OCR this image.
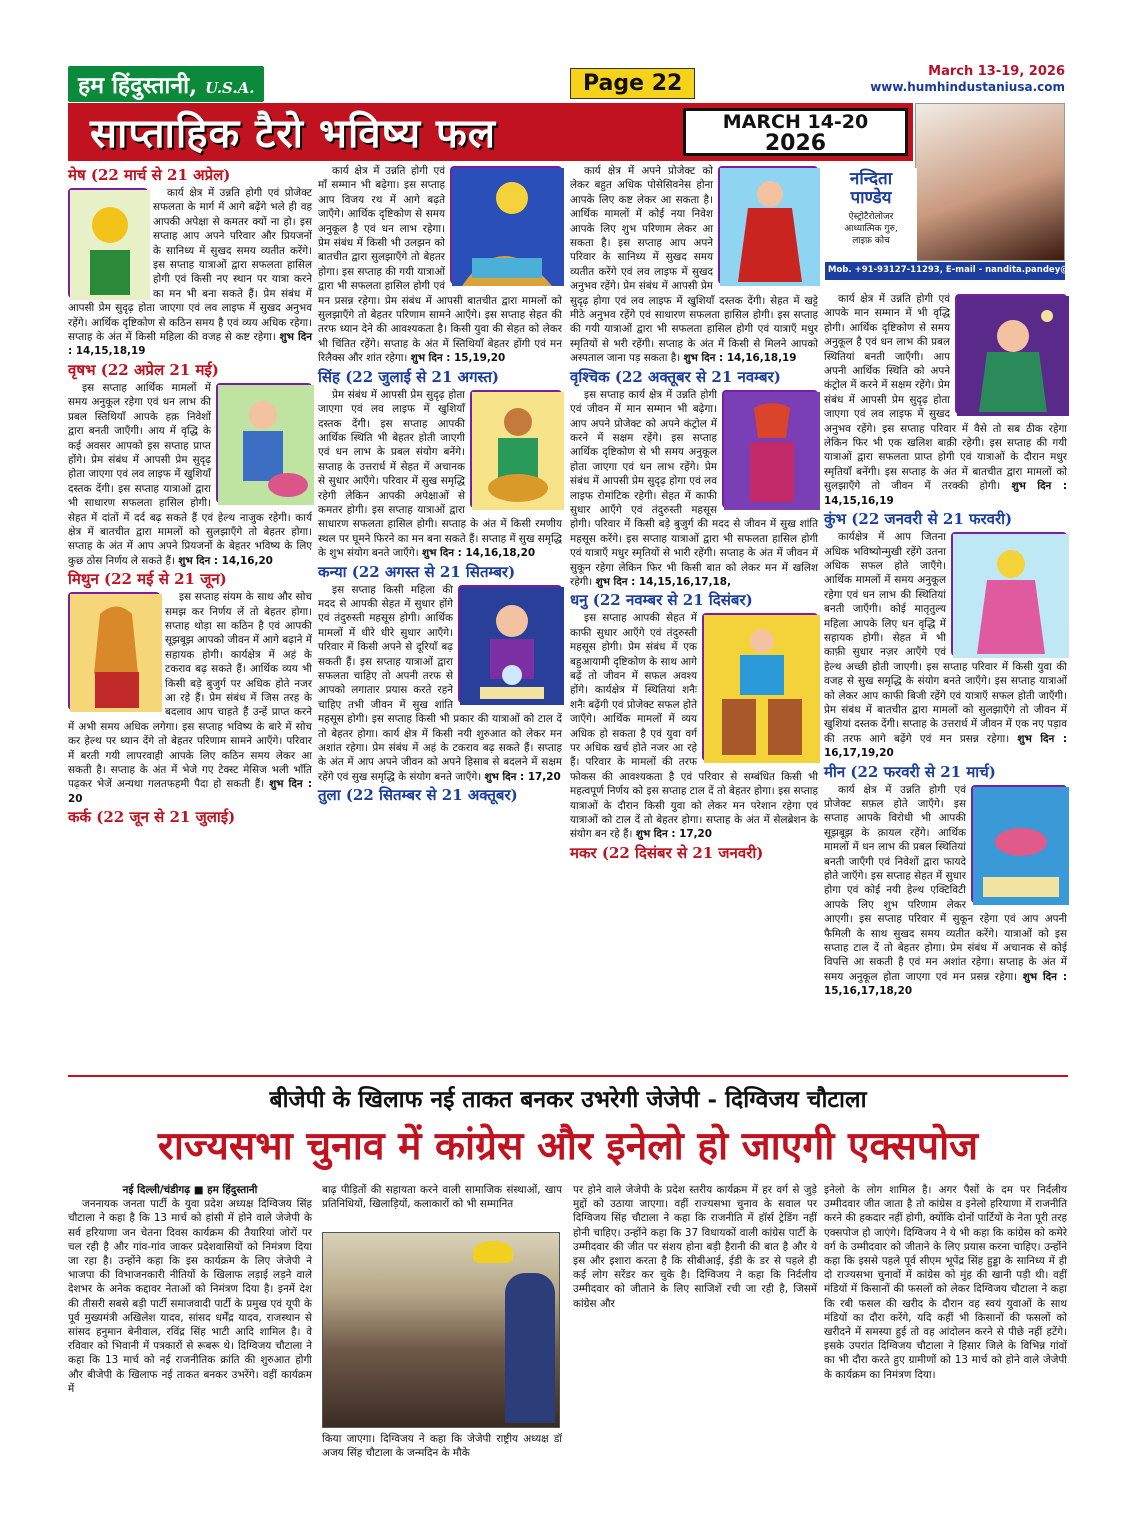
हम हिंदुस्तानी, U.S.A.	Page 22	March 13-19, 2026
www.humhindustaniusa.com
साप्ताहिक टैरो भविष्य फल	MARCH 14-20
2026
नन्दिता
पाण्डेय
ऐस्ट्रोटैरोलोजर
आध्यात्मिक गुरु,
लाइफ़ कोच
Mob. +91-93127-11293, E-mail - nandita.pandey@gmail.com
मेष (22 मार्च से 21 अप्रेल)

कार्य क्षेत्र में उन्नति होगी एवं प्रोजेक्ट सफलता के मार्ग में आगे बढ़ेंगे भले ही वह आपकी अपेक्षा से कमतर क्यों ना हो। इस सप्ताह आप अपने परिवार और प्रियजनों के सानिध्य में सुखद समय व्यतीत करेंगे। इस सप्ताह यात्राओं द्वारा सफलता हासिल होगी एवं किसी नए स्थान पर यात्रा करने का मन भी बना सकते हैं। प्रेम संबंध में आपसी प्रेम सुदृढ़ होता जाएगा एवं लव लाइफ में सुखद अनुभव रहेंगे। आर्थिक दृष्टिकोण से कठिन समय है एवं व्यय अधिक रहेगा। सप्ताह के अंत में किसी महिला की वजह से कष्ट रहेगा। शुभ दिन : 14,15,18,19

वृषभ (22 अप्रेल 21 मई)

इस सप्ताह आर्थिक मामलों में समय अनुकूल रहेगा एवं धन लाभ की प्रबल स्तिथियाँ आपके हक़ निवेशों द्वारा बनती जाएँगी। आय में वृद्धि के कई अवसर आपको इस सप्ताह प्राप्त होंगे। प्रेम संबंध में आपसी प्रेम सुदृढ़ होता जाएगा एवं लव लाइफ में खुशियाँ दस्तक देंगी। इस सप्ताह यात्राओं द्वारा भी साधारण सफलता हासिल होगी। सेहत में दांतों में दर्द बढ़ सकते हैं एवं हेल्थ नाजुक रहेगी। कार्य क्षेत्र में बातचीत द्वारा मामलों को सुलझाएँगे तो बेहतर होगा। सप्ताह के अंत में आप अपने प्रियजनों के बेहतर भविष्य के लिए कुछ ठोस निर्णय ले सकते हैं। शुभ दिन : 14,16,20

मिथुन (22 मई से 21 जून)

इस सप्ताह संयम के साथ और सोच समझ कर निर्णय लें तो बेहतर होगा। सप्ताह थोड़ा सा कठिन है एवं आपकी सूझबूझ आपको जीवन में आगे बढ़ाने में सहायक होगी। कार्यक्षेत्र में अहं के टकराव बढ़ सकते हैं। आर्थिक व्यय भी किसी बड़े बुजुर्ग पर अधिक होते नजर आ रहे हैं। प्रेम संबंध में जिस तरह के बदलाव आप चाहते हैं उन्हें प्राप्त करने में अभी समय अधिक लगेगा। इस सप्ताह भविष्य के बारे में सोच कर हेल्थ पर ध्यान देंगे तो बेहतर परिणाम सामने आएँगे। परिवार में बरती गयी लापरवाही आपके लिए कठिन समय लेकर आ सकती है। सप्ताह के अंत में भेजे गए टेक्स्ट मेसिज भली भाँति पढ़कर भेजें अन्यथा गलतफहमी पैदा हो सकती हैं। शुभ दिन : 20

कर्क (22 जून से 21 जुलाई)

कार्य क्षेत्र में उन्नति होगी एवं माँ सम्मान भी बढ़ेगा। इस सप्ताह आप विजय रथ में आगे बढ़ते जाएँगे। आर्थिक दृष्टिकोण से समय अनुकूल है एवं धन लाभ रहेगा। प्रेम संबंध में किसी भी उलझन को बातचीत द्वारा सुलझाएँगे तो बेहतर होगा। इस सप्ताह की गयी यात्राओं द्वारा भी सफलता हासिल होगी एवं मन प्रसन्न रहेगा। प्रेम संबंध में आपसी बातचीत द्वारा मामलों को सुलझाएँगे तो बेहतर परिणाम सामने आएँगे। इस सप्ताह सेहत की तरफ ध्यान देने की आवश्यकता है। किसी युवा की सेहत को लेकर भी चिंतित रहेंगे। सप्ताह के अंत में स्तिथियाँ बेहतर होंगी एवं मन रिलैक्स और शांत रहेगा। शुभ दिन : 15,19,20

सिंह (22 जुलाई से 21 अगस्त)

प्रेम संबंध में आपसी प्रेम सुदृढ़ होता जाएगा एवं लव लाइफ में खुशियाँ दस्तक देंगी। इस सप्ताह आपकी आर्थिक स्थिति भी बेहतर होती जाएगी एवं धन लाभ के प्रबल संयोग बनेंगे। सप्ताह के उत्तरार्ध में सेहत में अचानक से सुधार आएँगे। परिवार में सुख समृद्धि रहेगी लेकिन आपकी अपेक्षाओं से कमतर होगी। इस सप्ताह यात्राओं द्वारा साधारण सफलता हासिल होगी। सप्ताह के अंत में किसी रमणीय स्थल पर घूमने फिरने का मन बना सकते हैं। सप्ताह में सुख समृद्धि के शुभ संयोग बनते जाएँगे। शुभ दिन : 14,16,18,20

कन्या (22 अगस्त से 21 सितम्बर)

इस सप्ताह किसी महिला की मदद से आपकी सेहत में सुधार होंगे एवं तंदुरुस्ती महसूस होगी। आर्थिक मामलों में धीरे धीरे सुधार आएँगे। परिवार में किसी अपने से दूरियाँ बढ़ सकती हैं। इस सप्ताह यात्राओं द्वारा सफलता चाहिए तो अपनी तरफ से आपको लगातार प्रयास करते रहने चाहिए तभी जीवन में सुख शांति महसूस होगी। इस सप्ताह किसी भी प्रकार की यात्राओं को टाल दें तो बेहतर होगा। कार्य क्षेत्र में किसी नयी शुरुआत को लेकर मन अशांत रहेगा। प्रेम संबंध में अहं के टकराव बढ़ सकते हैं। सप्ताह के अंत में आप अपने जीवन को अपने हिसाब से बदलने में सक्षम रहेंगे एवं सुख समृद्धि के संयोग बनते जाएँगे। शुभ दिन : 17,20

तुला (22 सितम्बर से 21 अक्तूबर)

कार्य क्षेत्र में अपने प्रोजेक्ट को लेकर बहुत अधिक पोसेसिवनेस होना आपके लिए कष्ट लेकर आ सकता है। आर्थिक मामलों में कोई नया निवेश आपके लिए शुभ परिणाम लेकर आ सकता है। इस सप्ताह आप अपने परिवार के सानिध्य में सुखद समय व्यतीत करेंगे एवं लव लाइफ में सुखद अनुभव रहेंगे। प्रेम संबंध में आपसी प्रेम सुदृढ़ होगा एवं लव लाइफ में खुशियाँ दस्तक देंगी। सेहत में खट्टे मीठे अनुभव रहेंगे एवं साधारण सफलता हासिल होगी। इस सप्ताह की गयी यात्राओं द्वारा भी सफलता हासिल होगी एवं यात्राएँ मधुर स्मृतियों से भरी रहेंगी। सप्ताह के अंत में किसी से मिलने आपको अस्पताल जाना पड़ सकता है। शुभ दिन : 14,16,18,19

वृश्चिक (22 अक्तूबर से 21 नवम्बर)

इस सप्ताह कार्य क्षेत्र में उन्नति होगी एवं जीवन में मान सम्मान भी बढ़ेगा। आप अपने प्रोजेक्ट को अपने कंट्रोल में करने में सक्षम रहेंगे। इस सप्ताह आर्थिक दृष्टिकोण से भी समय अनुकूल होता जाएगा एवं धन लाभ रहेंगे। प्रेम संबंध में आपसी प्रेम सुदृढ़ होगा एवं लव लाइफ रोमांटिक रहेगी। सेहत में काफी सुधार आएँगे एवं तंदुरुस्ती महसूस होगी। परिवार में किसी बड़े बुजुर्ग की मदद से जीवन में सुख शांति महसूस करेंगे। इस सप्ताह यात्राओं द्वारा भी सफलता हासिल होगी एवं यात्राएँ मधुर स्मृतियों से भारी रहेंगी। सप्ताह के अंत में जीवन में सुकून रहेगा लेकिन फिर भी किसी बात को लेकर मन में खलिश रहेगी। शुभ दिन : 14,15,16,17,18,

धनु (22 नवम्बर से 21 दिसंबर)

इस सप्ताह आपकी सेहत में काफी सुधार आएँगे एवं तंदुरुस्ती महसूस होगी। प्रेम संबंध में एक बहुआयामी दृष्टिकोण के साथ आगे बढ़ें तो जीवन में सफल अवश्य होंगे। कार्यक्षेत्र में स्थितियां शनैः शनैः बढ़ेंगी एवं प्रोजेक्ट सफल होते जाएँगे। आर्थिक मामलों में व्यय अधिक हो सकता है एवं युवा वर्ग पर अधिक खर्च होते नजर आ रहे हैं। परिवार के मामलों की तरफ फोकस की आवश्यकता है एवं परिवार से सम्बंधित किसी भी महत्वपूर्ण निर्णय को इस सप्ताह टाल दें तो बेहतर होगा। इस सप्ताह यात्राओं के दौरान किसी युवा को लेकर मन परेशान रहेगा एवं यात्राओं को टाल दें तो बेहतर होगा। सप्ताह के अंत में सेलब्रेशन के संयोग बन रहे हैं। शुभ दिन : 17,20

मकर (22 दिसंबर से 21 जनवरी)

कार्य क्षेत्र में उन्नति होगी एवं आपके मान सम्मान में भी वृद्धि होगी। आर्थिक दृष्टिकोण से समय अनुकूल है एवं धन लाभ की प्रबल स्थितियां बनती जाएँगी। आप अपनी आर्थिक स्थिति को अपने कंट्रोल में करने में सक्षम रहेंगे। प्रेम संबंध में आपसी प्रेम सुदृढ़ होता जाएगा एवं लव लाइफ में सुखद अनुभव रहेंगे। इस सप्ताह परिवार में वैसे तो सब ठीक रहेगा लेकिन फिर भी एक खलिश बाक़ी रहेगी। इस सप्ताह की गयी यात्राओं द्वारा सफलता प्राप्त होगी एवं यात्राओं के दौरान मधुर स्मृतियाँ बनेंगी। इस सप्ताह के अंत में बातचीत द्वारा मामलों को सुलझाएँगे तो जीवन में तरक्की होगी। शुभ दिन : 14,15,16,19

कुंभ (22 जनवरी से 21 फरवरी)

कार्यक्षेत्र में आप जितना अधिक भविष्योन्मुखी रहेंगे उतना अधिक सफल होते जाएँगे। आर्थिक मामलों में समय अनुकूल रहेगा एवं धन लाभ की स्थितियां बनती जाएँगी। कोई मातृतुल्य महिला आपके लिए धन वृद्धि में सहायक होगी। सेहत में भी काफ़ी सुधार नज़र आएँगे एवं हेल्थ अच्छी होती जाएगी। इस सप्ताह परिवार में किसी युवा की वजह से सुख समृद्धि के संयोग बनते जाएँगे। इस सप्ताह यात्राओं को लेकर आप काफी बिजी रहेंगे एवं यात्राएँ सफल होती जाएँगी। प्रेम संबंध में बातचीत द्वारा मामलों को सुलझाएँगे तो जीवन में खुशियां दस्तक देंगी। सप्ताह के उत्तरार्ध में जीवन में एक नए पड़ाव की तरफ आगे बढ़ेंगे एवं मन प्रसन्न रहेगा। शुभ दिन : 16,17,19,20

मीन (22 फरवरी से 21 मार्च)

कार्य क्षेत्र में उन्नति होगी एवं प्रोजेक्ट सफ़ल होते जाएँगे। इस सप्ताह आपके विरोधी भी आपकी सूझबूझ के क़ायल रहेंगे। आर्थिक मामलों में धन लाभ की प्रबल स्थितियां बनती जाएँगी एवं निवेशों द्वारा फायदे होते जाएँगे। इस सप्ताह सेहत में सुधार होगा एवं कोई नयी हेल्थ एक्टिविटी आपके लिए शुभ परिणाम लेकर आएगी। इस सप्ताह परिवार में सुकून रहेगा एवं आप अपनी फैमिली के साथ सुखद समय व्यतीत करेंगे। यात्राओं को इस सप्ताह टाल दें तो बेहतर होगा। प्रेम संबंध में अचानक से कोई विपत्ति आ सकती है एवं मन अशांत रहेगा। सप्ताह के अंत में समय अनुकूल होता जाएगा एवं मन प्रसन्न रहेगा। शुभ दिन : 15,16,17,18,20

बीजेपी के खिलाफ नई ताकत बनकर उभरेगी जेजेपी - दिग्विजय चौटाला
राज्यसभा चुनाव में कांग्रेस और इनेलो हो जाएगी एक्सपोज
नई दिल्ली/चंडीगढ़ ■ हम हिंदुस्तानी

जननायक जनता पार्टी के युवा प्रदेश अध्यक्ष दिग्विजय सिंह चौटाला ने कहा है कि 13 मार्च को हांसी में होने वाले जेजेपी के सर्व हरियाणा जन चेतना दिवस कार्यक्रम की तैयारियां जोरों पर चल रही है और गांव-गांव जाकर प्रदेशवासियों को निमंत्रण दिया जा रहा है। उन्होंने कहा कि इस कार्यक्रम के लिए जेजेपी ने भाजपा की विभाजनकारी नीतियों के खिलाफ लड़ाई लड़ने वाले देशभर के अनेक कद्दावर नेताओं को निमंत्रण दिया है। इनमें देश की तीसरी सबसे बड़ी पार्टी समाजवादी पार्टी के प्रमुख एवं यूपी के पूर्व मुख्यमंत्री अखिलेश यादव, सांसद धर्मेंद्र यादव, राजस्थान से सांसद हनुमान बेनीवाल, रविंद्र सिंह भाटी आदि शामिल है। वे रविवार को भिवानी में पत्रकारों से रूबरू थे। दिग्विजय चौटाला ने कहा कि 13 मार्च को नई राजनीतिक क्रांति की शुरुआत होगी और बीजेपी के खिलाफ नई ताकत बनकर उभरेंगे। वहीं कार्यक्रम में

बाढ़ पीड़ितों की सहायता करने वाली सामाजिक संस्थाओं, खाप प्रतिनिधियों, खिलाड़ियों, कलाकारों को भी सम्मानित

किया जाएगा। दिग्विजय ने कहा कि जेजेपी राष्ट्रीय अध्यक्ष डॉ अजय सिंह चौटाला के जन्मदिन के मौके

पर होने वाले जेजेपी के प्रदेश स्तरीय कार्यक्रम में हर वर्ग से जुड़े मुद्दों को उठाया जाएगा। वहीं राज्यसभा चुनाव के सवाल पर दिग्विजय सिंह चौटाला ने कहा कि राजनीति में हॉर्स ट्रेडिंग नहीं होनी चाहिए। उन्होंने कहा कि 37 विधायकों वाली कांग्रेस पार्टी के उम्मीदवार की जीत पर संशय होना बड़ी हैरानी की बात है और ये इस और इशारा करता है कि सीबीआई, ईडी के डर से पहले ही कई लोग सरेंडर कर चुके है। दिग्विजय ने कहा कि निर्दलीय उम्मीदवार को जीताने के लिए साजिशें रची जा रही है, जिसमें कांग्रेस और

इनेलो के लोग शामिल है। अगर पैसों के दम पर निर्दलीय उम्मीदवार जीत जाता है तो कांग्रेस व इनेलो हरियाणा में राजनीति करने की हकदार नहीं होगी, क्योंकि दोनों पार्टियों के नेता पूरी तरह एक्सपोज हो जाएंगे। दिग्विजय ने ये भी कहा कि कांग्रेस को कमेरे वर्ग के उम्मीदवार को जीताने के लिए प्रयास करना चाहिए। उन्होंने कहा कि इससे पहले पूर्व सीएम भूपेंद्र सिंह हुड्डा के सानिध्य में ही दो राज्यसभा चुनावों में कांग्रेस को मुंह की खानी पड़ी थी। वहीं मंडियों में किसानों की फसलों को लेकर दिग्विजय चौटाला ने कहा कि रबी फसल की खरीद के दौरान वह स्वयं युवाओं के साथ मंडियों का दौरा करेंगे, यदि कहीं भी किसानों की फसलों को खरीदने में समस्या हुई तो वह आंदोलन करने से पीछे नहीं हटेंगे। इसके उपरांत दिग्विजय चौटाला ने हिसार जिले के विभिन्न गांवों का भी दौरा करते हुए ग्रामीणों को 13 मार्च को होने वाले जेजेपी के कार्यक्रम का निमंत्रण दिया।
